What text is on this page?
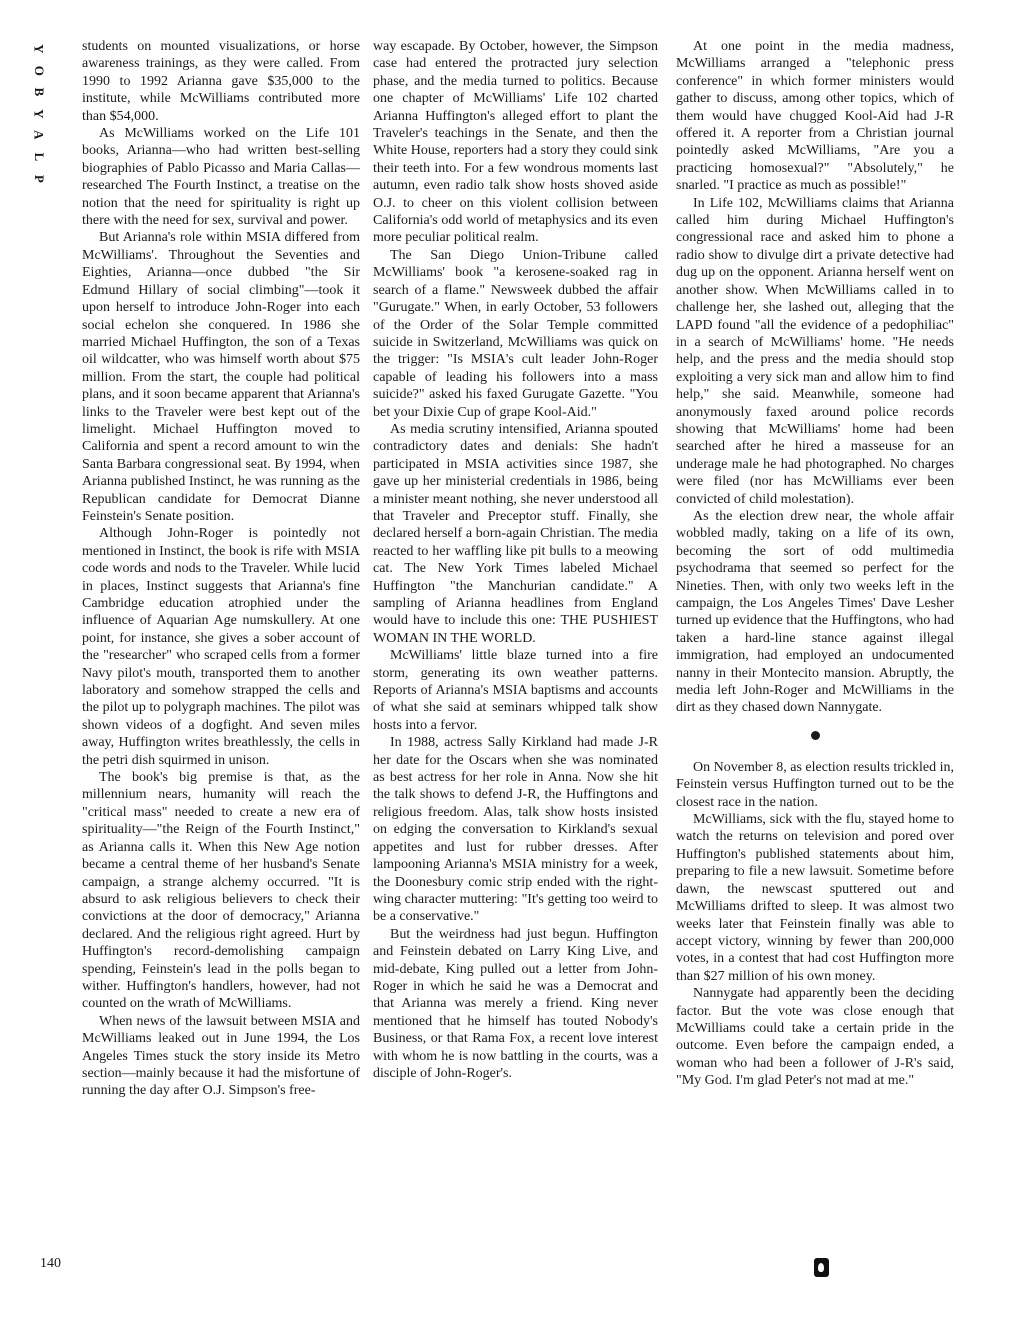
Y
O
B
Y
A
L
P
140

students on mounted visualizations, or horse awareness trainings, as they were called. From 1990 to 1992 Arianna gave $35,000 to the institute, while McWilliams contributed more than $54,000.

As McWilliams worked on the Life 101 books, Arianna—who had written best-selling biographies of Pablo Picasso and Maria Callas—researched The Fourth Instinct, a treatise on the notion that the need for spirituality is right up there with the need for sex, survival and power.

But Arianna's role within MSIA differed from McWilliams'. Throughout the Seventies and Eighties, Arianna—once dubbed "the Sir Edmund Hillary of social climbing"—took it upon herself to introduce John-Roger into each social echelon she conquered. In 1986 she married Michael Huffington, the son of a Texas oil wildcatter, who was himself worth about $75 million. From the start, the couple had political plans, and it soon became apparent that Arianna's links to the Traveler were best kept out of the limelight. Michael Huffington moved to California and spent a record amount to win the Santa Barbara congressional seat. By 1994, when Arianna published Instinct, he was running as the Republican candidate for Democrat Dianne Feinstein's Senate position.

Although John-Roger is pointedly not mentioned in Instinct, the book is rife with MSIA code words and nods to the Traveler. While lucid in places, Instinct suggests that Arianna's fine Cambridge education atrophied under the influence of Aquarian Age numskullery. At one point, for instance, she gives a sober account of the "researcher" who scraped cells from a former Navy pilot's mouth, transported them to another laboratory and somehow strapped the cells and the pilot up to polygraph machines. The pilot was shown videos of a dogfight. And seven miles away, Huffington writes breathlessly, the cells in the petri dish squirmed in unison.

The book's big premise is that, as the millennium nears, humanity will reach the "critical mass" needed to create a new era of spirituality—"the Reign of the Fourth Instinct," as Arianna calls it. When this New Age notion became a central theme of her husband's Senate campaign, a strange alchemy occurred. "It is absurd to ask religious believers to check their convictions at the door of democracy," Arianna declared. And the religious right agreed. Hurt by Huffington's record-demolishing campaign spending, Feinstein's lead in the polls began to wither. Huffington's handlers, however, had not counted on the wrath of McWilliams.

When news of the lawsuit between MSIA and McWilliams leaked out in June 1994, the Los Angeles Times stuck the story inside its Metro section—mainly because it had the misfortune of running the day after O.J. Simpson's free-

way escapade. By October, however, the Simpson case had entered the protracted jury selection phase, and the media turned to politics. Because one chapter of McWilliams' Life 102 charted Arianna Huffington's alleged effort to plant the Traveler's teachings in the Senate, and then the White House, reporters had a story they could sink their teeth into. For a few wondrous moments last autumn, even radio talk show hosts shoved aside O.J. to cheer on this violent collision between California's odd world of metaphysics and its even more peculiar political realm.

The San Diego Union-Tribune called McWilliams' book "a kerosene-soaked rag in search of a flame." Newsweek dubbed the affair "Gurugate." When, in early October, 53 followers of the Order of the Solar Temple committed suicide in Switzerland, McWilliams was quick on the trigger: "Is MSIA's cult leader John-Roger capable of leading his followers into a mass suicide?" asked his faxed Gurugate Gazette. "You bet your Dixie Cup of grape Kool-Aid."

As media scrutiny intensified, Arianna spouted contradictory dates and denials: She hadn't participated in MSIA activities since 1987, she gave up her ministerial credentials in 1986, being a minister meant nothing, she never understood all that Traveler and Preceptor stuff. Finally, she declared herself a born-again Christian. The media reacted to her waffling like pit bulls to a meowing cat. The New York Times labeled Michael Huffington "the Manchurian candidate." A sampling of Arianna headlines from England would have to include this one: THE PUSHIEST WOMAN IN THE WORLD.

McWilliams' little blaze turned into a fire storm, generating its own weather patterns. Reports of Arianna's MSIA baptisms and accounts of what she said at seminars whipped talk show hosts into a fervor.

In 1988, actress Sally Kirkland had made J-R her date for the Oscars when she was nominated as best actress for her role in Anna. Now she hit the talk shows to defend J-R, the Huffingtons and religious freedom. Alas, talk show hosts insisted on edging the conversation to Kirkland's sexual appetites and lust for rubber dresses. After lampooning Arianna's MSIA ministry for a week, the Doonesbury comic strip ended with the right-wing character muttering: "It's getting too weird to be a conservative."

But the weirdness had just begun. Huffington and Feinstein debated on Larry King Live, and mid-debate, King pulled out a letter from John-Roger in which he said he was a Democrat and that Arianna was merely a friend. King never mentioned that he himself has touted Nobody's Business, or that Rama Fox, a recent love interest with whom he is now battling in the courts, was a disciple of John-Roger's.

At one point in the media madness, McWilliams arranged a "telephonic press conference" in which former ministers would gather to discuss, among other topics, which of them would have chugged Kool-Aid had J-R offered it. A reporter from a Christian journal pointedly asked McWilliams, "Are you a practicing homosexual?" "Absolutely," he snarled. "I practice as much as possible!"

In Life 102, McWilliams claims that Arianna called him during Michael Huffington's congressional race and asked him to phone a radio show to divulge dirt a private detective had dug up on the opponent. Arianna herself went on another show. When McWilliams called in to challenge her, she lashed out, alleging that the LAPD found "all the evidence of a pedophiliac" in a search of McWilliams' home. "He needs help, and the press and the media should stop exploiting a very sick man and allow him to find help," she said. Meanwhile, someone had anonymously faxed around police records showing that McWilliams' home had been searched after he hired a masseuse for an underage male he had photographed. No charges were filed (nor has McWilliams ever been convicted of child molestation).

As the election drew near, the whole affair wobbled madly, taking on a life of its own, becoming the sort of odd multimedia psychodrama that seemed so perfect for the Nineties. Then, with only two weeks left in the campaign, the Los Angeles Times' Dave Lesher turned up evidence that the Huffingtons, who had taken a hard-line stance against illegal immigration, had employed an undocumented nanny in their Montecito mansion. Abruptly, the media left John-Roger and McWilliams in the dirt as they chased down Nannygate.

On November 8, as election results trickled in, Feinstein versus Huffington turned out to be the closest race in the nation.

McWilliams, sick with the flu, stayed home to watch the returns on television and pored over Huffington's published statements about him, preparing to file a new lawsuit. Sometime before dawn, the newscast sputtered out and McWilliams drifted to sleep. It was almost two weeks later that Feinstein finally was able to accept victory, winning by fewer than 200,000 votes, in a contest that had cost Huffington more than $27 million of his own money.

Nannygate had apparently been the deciding factor. But the vote was close enough that McWilliams could take a certain pride in the outcome. Even before the campaign ended, a woman who had been a follower of J-R's said, "My God. I'm glad Peter's not mad at me."
